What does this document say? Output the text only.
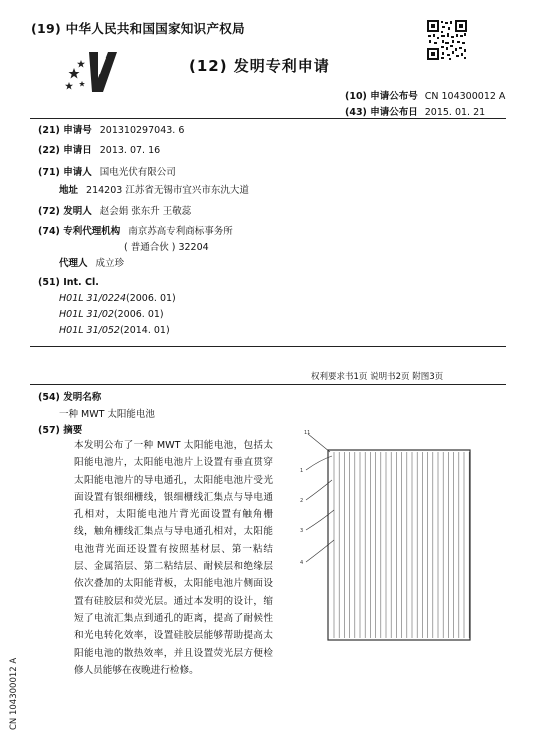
(19) 中华人民共和国国家知识产权局
(12) 发明专利申请
(10) 申请公布号 CN 104300012 A
(43) 申请公布日 2015. 01. 21
(21) 申请号 201310297043. 6
(22) 申请日 2013. 07. 16
(71) 申请人 国电光伏有限公司
地址 214203 江苏省无锡市宜兴市东氿大道
(72) 发明人 赵会娟 张东升 王敬蕊
(74) 专利代理机构 南京苏高专利商标事务所
( 普通合伙 ) 32204
代理人 成立珍
(51) Int. Cl.
H01L 31/0224(2006. 01)
H01L 31/02(2006. 01)
H01L 31/052(2014. 01)
权利要求书1页 说明书2页 附图3页
(54) 发明名称
一种 MWT 太阳能电池
(57) 摘要
本发明公布了一种 MWT 太阳能电池，包括太阳能电池片，太阳能电池片上设置有垂直贯穿太阳能电池片的导电通孔，太阳能电池片受光面设置有银细栅线，银细栅线汇集点与导电通孔相对，太阳能电池片背光面设置有触角栅线，触角栅线汇集点与导电通孔相对，太阳能电池背光面还设置有按照基材层、第一粘结层、金属箔层、第二粘结层、耐候层和绝缘层依次叠加的太阳能背板，太阳能电池片侧面设置有硅胶层和荧光层。通过本发明的设计，缩短了电流汇集点到通孔的距离，提高了耐候性和光电转化效率，设置硅胶层能够帮助提高太阳能电池的散热效率，并且设置荧光层方便检修人员能够在夜晚进行检修。
11
1
2
3
4
CN 104300012 A
